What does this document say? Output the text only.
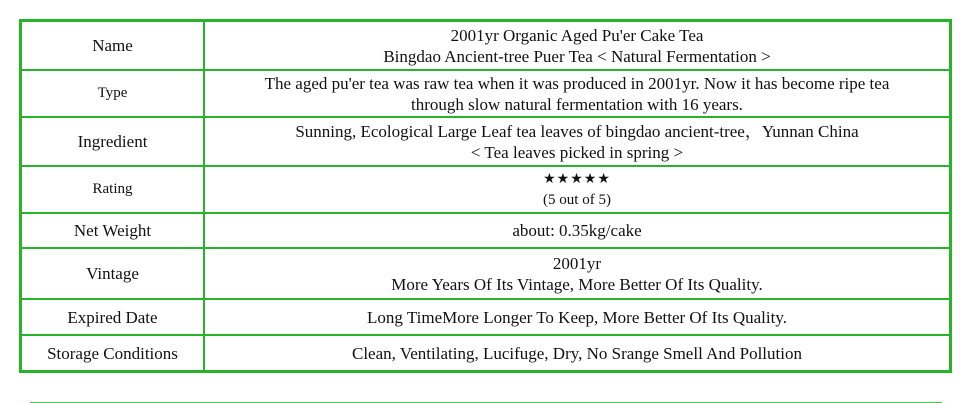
Name	2001yr Organic Aged Pu'er Cake Tea
Bingdao Ancient-tree Puer Tea < Natural Fermentation >

Type	The aged pu'er tea was raw tea when it was produced in 2001yr. Now it has become ripe tea
through slow natural fermentation with 16 years.

Ingredient	Sunning, Ecological Large Leaf tea leaves of bingdao ancient-tree，Yunnan China
< Tea leaves picked in spring >

Rating	★★★★★
(5 out of 5)

Net Weight	about: 0.35kg/cake
Vintage	2001yr
More Years Of Its Vintage, More Better Of Its Quality.

Expired Date	Long TimeMore Longer To Keep, More Better Of Its Quality.
Storage Conditions	Clean, Ventilating, Lucifuge, Dry, No Srange Smell And Pollution
